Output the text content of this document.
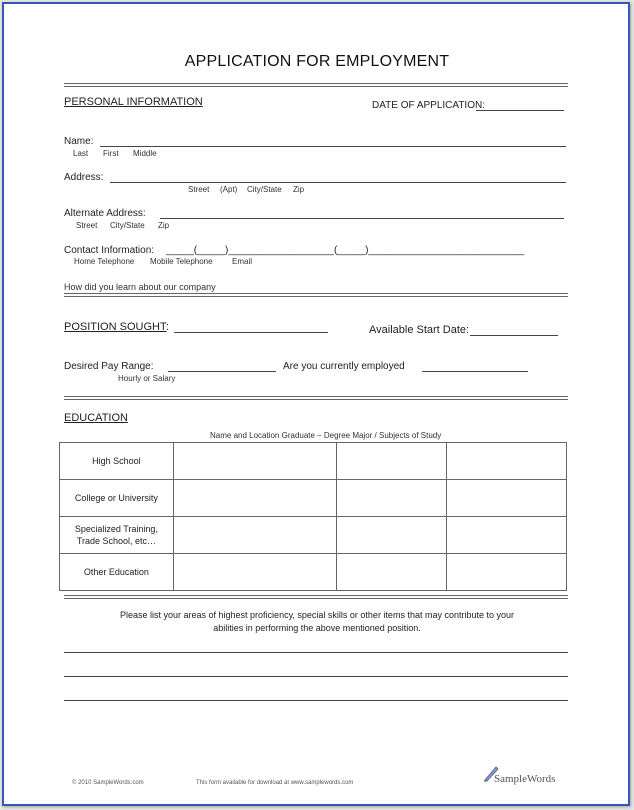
APPLICATION FOR EMPLOYMENT
PERSONAL INFORMATION	DATE OF APPLICATION:
Name:
Last First Middle
Address:
Street (Apt) City/State Zip
Alternate Address:
Street City/State Zip
Contact Information: _____(_____)___________________(_____)____________________________
Home Telephone Mobile Telephone Email
How did you learn about our company
POSITION SOUGHT :	Available Start Date:
Desired Pay Range:
Hourly or Salary
Are you currently employed
EDUCATION
Name and Location Graduate – Degree Major / Subjects of Study
High School			
College or University			
Specialized Training,
Trade School, etc…			
Other Education			
Please list your areas of highest proficiency, special skills or other items that may contribute to your
abilities in performing the above mentioned position.
© 2010 SampleWords.com	This form available for download at www.samplewords.com	SampleWords
